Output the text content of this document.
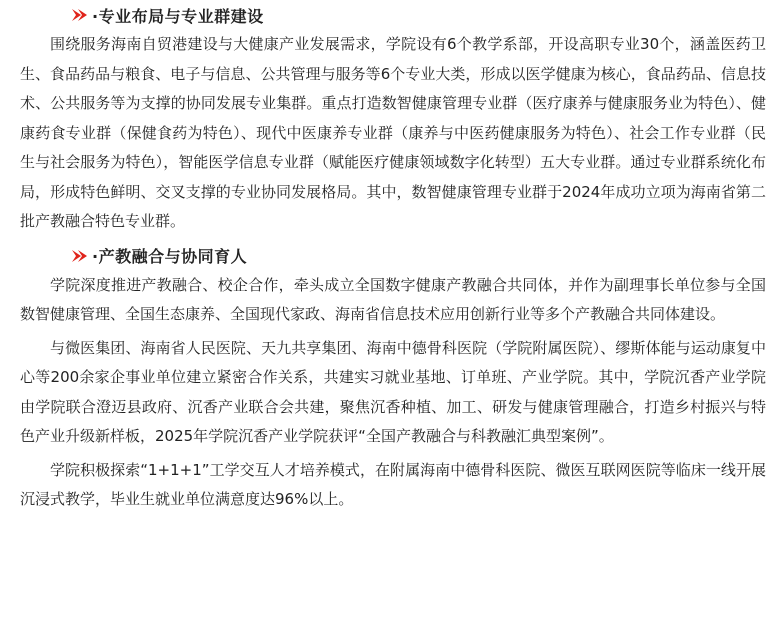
·专业布局与专业群建设

围绕服务海南自贸港建设与大健康产业发展需求，学院设有6个教学系部，开设高职专业30个，涵盖医药卫生、食品药品与粮食、电子与信息、公共管理与服务等6个专业大类，形成以医学健康为核心，食品药品、信息技术、公共服务等为支撑的协同发展专业集群。重点打造数智健康管理专业群（医疗康养与健康服务业为特色）、健康药食专业群（保健食药为特色）、现代中医康养专业群（康养与中医药健康服务为特色）、社会工作专业群（民生与社会服务为特色），智能医学信息专业群（赋能医疗健康领域数字化转型）五大专业群。通过专业群系统化布局，形成特色鲜明、交叉支撑的专业协同发展格局。其中，数智健康管理专业群于2024年成功立项为海南省第二批产教融合特色专业群。

·产教融合与协同育人

学院深度推进产教融合、校企合作，牵头成立全国数字健康产教融合共同体，并作为副理事长单位参与全国数智健康管理、全国生态康养、全国现代家政、海南省信息技术应用创新行业等多个产教融合共同体建设。

与微医集团、海南省人民医院、天九共享集团、海南中德骨科医院（学院附属医院）、缪斯体能与运动康复中心等200余家企事业单位建立紧密合作关系，共建实习就业基地、订单班、产业学院。其中，学院沉香产业学院由学院联合澄迈县政府、沉香产业联合会共建，聚焦沉香种植、加工、研发与健康管理融合，打造乡村振兴与特色产业升级新样板，2025年学院沉香产业学院获评“全国产教融合与科教融汇典型案例”。

学院积极探索“1+1+1”工学交互人才培养模式，在附属海南中德骨科医院、微医互联网医院等临床一线开展沉浸式教学，毕业生就业单位满意度达96%以上。
